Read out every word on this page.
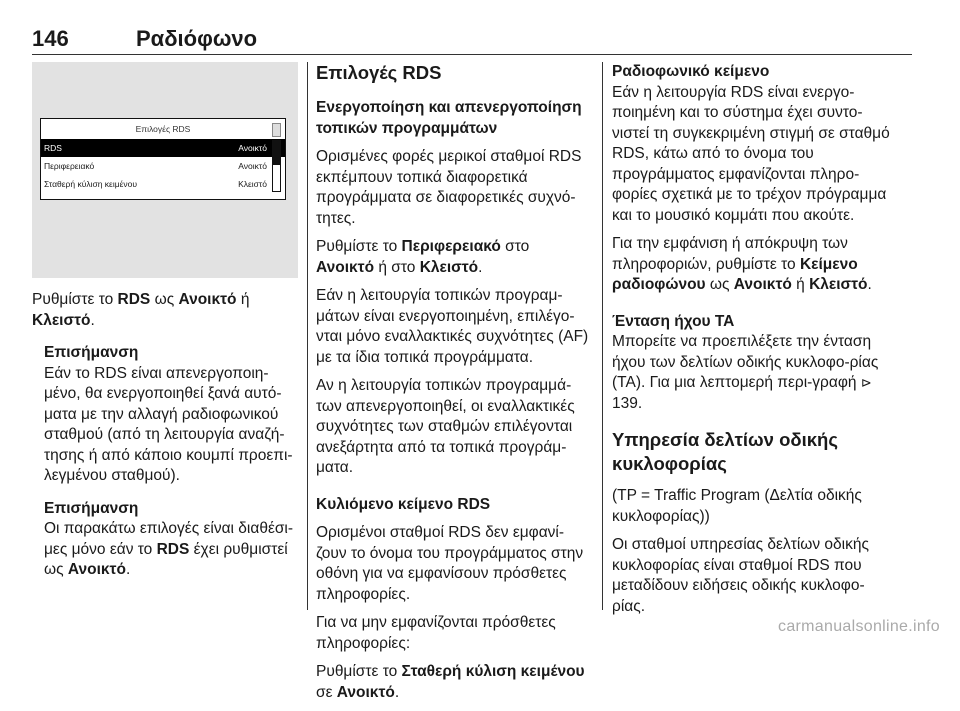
146	Ραδιόφωνο
Επιλογές RDS
RDS	Ανοικτό
Περιφερειακό	Ανοικτό
Σταθερή κύλιση κειμένου	Κλειστό

Ρυθμίστε το RDS ως Ανοικτό ή Κλειστό.

Επισήμανση
Εάν το RDS είναι απενεργοποιη-μένο, θα ενεργοποιηθεί ξανά αυτό-ματα με την αλλαγή ραδιοφωνικού σταθμού (από τη λειτουργία αναζή-τησης ή από κάποιο κουμπί προεπι-λεγμένου σταθμού).
Επισήμανση
Οι παρακάτω επιλογές είναι διαθέσι-μες μόνο εάν το RDS έχει ρυθμιστεί ως Ανοικτό.
Επιλογές RDS

Ενεργοποίηση και απενεργοποίηση τοπικών προγραμμάτων

Ορισμένες φορές μερικοί σταθμοί RDS εκπέμπουν τοπικά διαφορετικά προγράμματα σε διαφορετικές συχνό-τητες.

Ρυθμίστε το Περιφερειακό στο Ανοικτό ή στο Κλειστό.

Εάν η λειτουργία τοπικών προγραμ-μάτων είναι ενεργοποιημένη, επιλέγο-νται μόνο εναλλακτικές συχνότητες (AF) με τα ίδια τοπικά προγράμματα.

Αν η λειτουργία τοπικών προγραμμά-των απενεργοποιηθεί, οι εναλλακτικές συχνότητες των σταθμών επιλέγονται ανεξάρτητα από τα τοπικά προγράμ-ματα.

Κυλιόμενο κείμενο RDS

Ορισμένοι σταθμοί RDS δεν εμφανί-ζουν το όνομα του προγράμματος στην οθόνη για να εμφανίσουν πρόσθετες πληροφορίες.

Για να μην εμφανίζονται πρόσθετες πληροφορίες:

Ρυθμίστε το Σταθερή κύλιση κειμένου σε Ανοικτό.

Ραδιοφωνικό κείμενο

Εάν η λειτουργία RDS είναι ενεργο-ποιημένη και το σύστημα έχει συντο-νιστεί τη συγκεκριμένη στιγμή σε σταθμό RDS, κάτω από το όνομα του προγράμματος εμφανίζονται πληρο-φορίες σχετικά με το τρέχον πρόγραμμα και το μουσικό κομμάτι που ακούτε.

Για την εμφάνιση ή απόκρυψη των πληροφοριών, ρυθμίστε το Κείμενο ραδιοφώνου ως Ανοικτό ή Κλειστό.

Ένταση ήχου TA

Μπορείτε να προεπιλέξετε την ένταση ήχου των δελτίων οδικής κυκλοφο-ρίας (TA). Για μια λεπτομερή περι-γραφή ⊳ 139.

Υπηρεσία δελτίων οδικής κυκλοφορίας

(TP = Traffic Program (Δελτία οδικής κυκλοφορίας))

Οι σταθμοί υπηρεσίας δελτίων οδικής κυκλοφορίας είναι σταθμοί RDS που μεταδίδουν ειδήσεις οδικής κυκλοφο-ρίας.

carmanualsonline.info
